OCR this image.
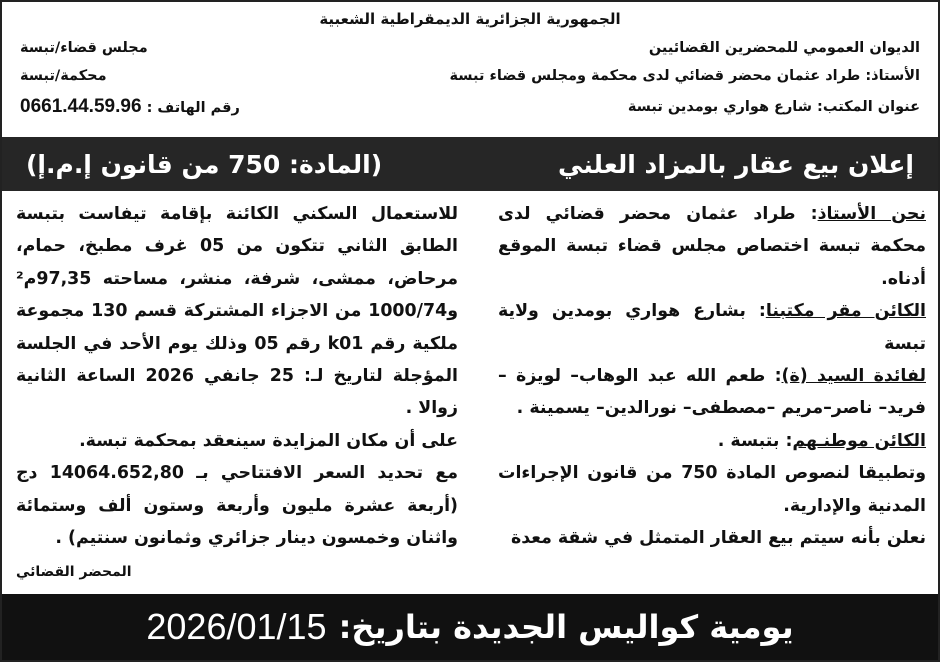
الجمهورية الجزائرية الديمقراطية الشعبية
الديوان العمومي للمحضرين القضائيين
مجلس قضاء/تبسة
الأستاذ: طراد عثمان محضر قضائي لدى محكمة ومجلس قضاء تبسة
محكمة/تبسة
عنوان المكتب: شارع هواري بومدين تبسة
رقم الهاتف : 0661.44.59.96
إعلان بيع عقار بالمزاد العلني
(المادة: 750 من قانون إ.م.إ)

نحن الأستاذ: طراد عثمان محضر قضائي لدى محكمة تبسة اختصاص مجلس قضاء تبسة الموقع أدناه.

الكائن مقر مكتبنا: بشارع هواري بومدين ولاية تبسة

لفائدة السيد (ة): طعم الله عبد الوهاب– لويزة –فريد– ناصر–مريم –مصطفى– نورالدين– يسمينة .

الكائن موطنـهم: بتبسة .

وتطبيقا لنصوص المادة 750 من قانون الإجراءات المدنية والإدارية.

نعلن بأنه سيتم بيع العقار المتمثل في شقة معدة

للاستعمال السكني الكائنة بإقامة تيفاست بتبسة الطابق الثاني تتكون من 05 غرف مطبخ، حمام، مرحاض، ممشى، شرفة، منشر، مساحته 97,35م² و1000/74 من الاجزاء المشتركة قسم 130 مجموعة ملكية رقم k01 رقم 05 وذلك يوم الأحد في الجلسة المؤجلة لتاريخ لـ: 25 جانفي 2026 الساعة الثانية زوالا .

على أن مكان المزايدة سينعقد بمحكمة تبسة.

مع تحديد السعر الافتتاحي بـ 14064.652,80 دج (أربعة عشرة مليون وأربعة وستون ألف وستمائة واثنان وخمسون دينار جزائري وثمانون سنتيم) .

المحضر القضائي
يومية كواليس الجديدة بتاريخ:
2026/01/15
